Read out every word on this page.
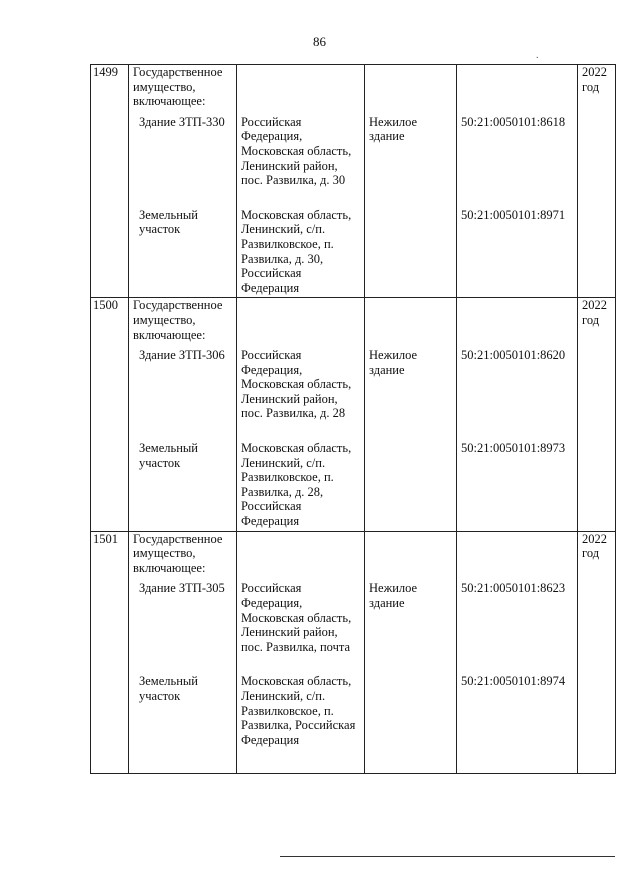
86
.
1499	Государственное имущество, включающее:				2022 год

	Здание ЗТП-330	Российская Федерация, Московская область, Ленинский район, пос. Развилка, д. 30	Нежилое здание	50:21:0050101:8618	

	Земельный участок	Московская область, Ленинский, с/п. Развилковское, п. Развилка, д. 30, Российская Федерация		50:21:0050101:8971	
1500	Государственное имущество, включающее:				2022 год

	Здание ЗТП-306	Российская Федерация, Московская область, Ленинский район, пос. Развилка, д. 28	Нежилое здание	50:21:0050101:8620	

	Земельный участок	Московская область, Ленинский, с/п. Развилковское, п. Развилка, д. 28, Российская Федерация		50:21:0050101:8973	
1501	Государственное имущество, включающее:				2022 год

	Здание ЗТП-305	Российская Федерация, Московская область, Ленинский район, пос. Развилка, почта	Нежилое здание	50:21:0050101:8623	

	Земельный участок	Московская область, Ленинский, с/п. Развилковское, п. Развилка, Российская Федерация		50:21:0050101:8974	
